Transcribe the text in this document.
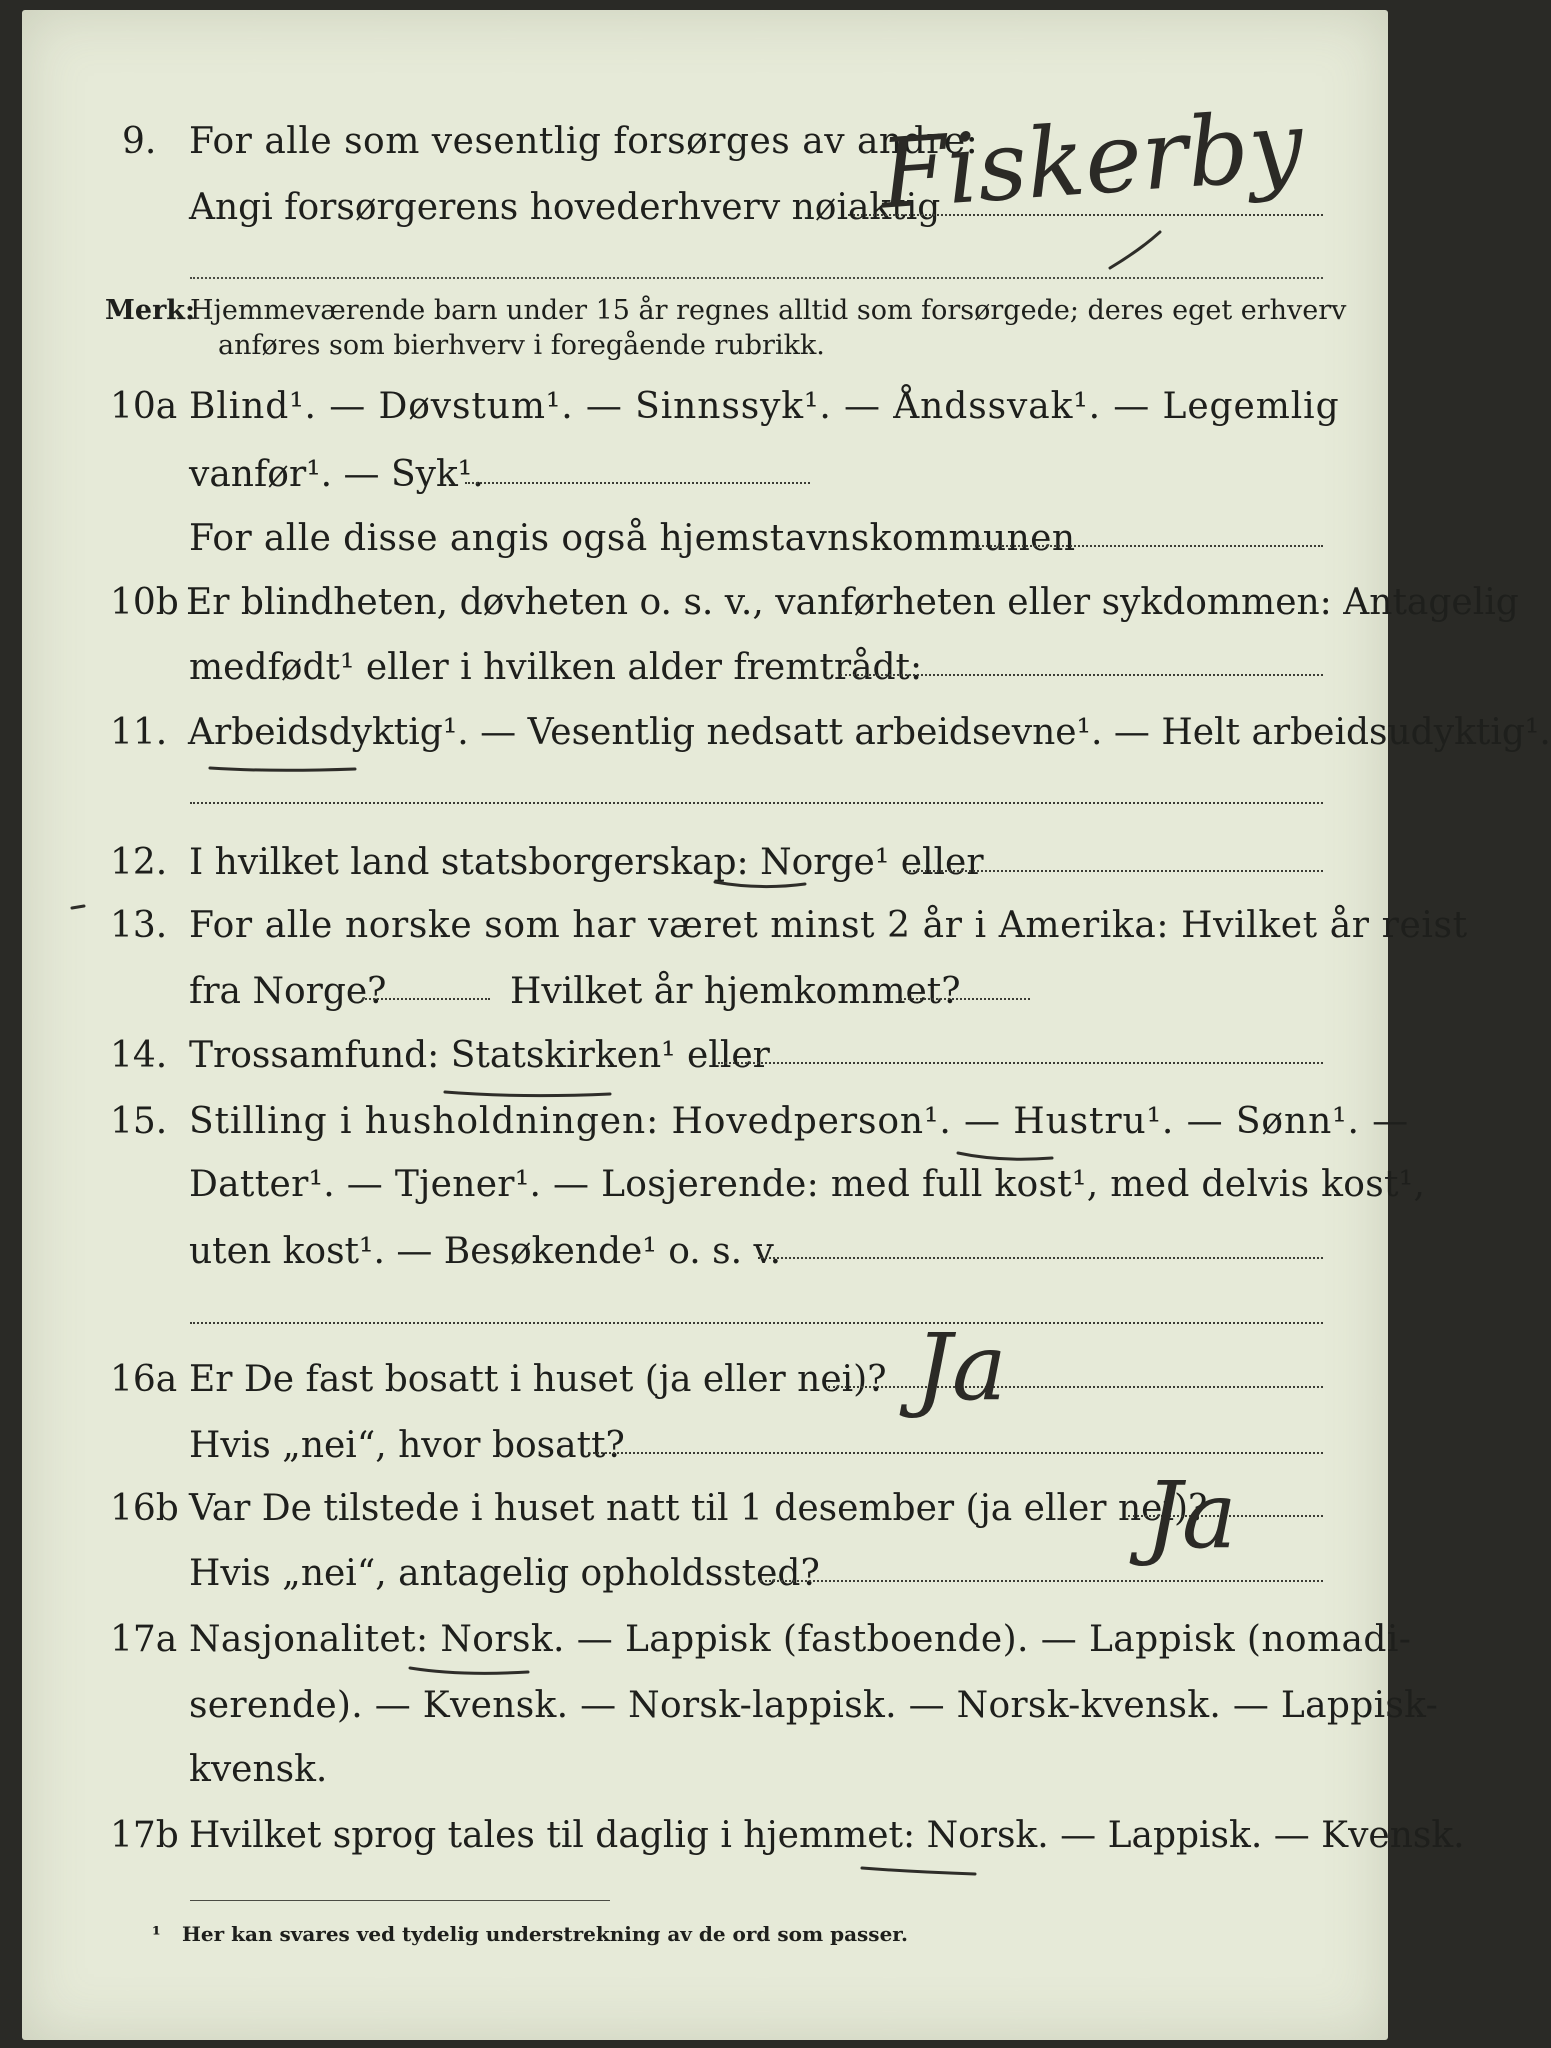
9. For alle som vesentlig forsørges av andre:
Angi forsørgerens hovederhverv nøiaktig
Fiskerby
Merk:
Hjemmeværende barn under 15 år regnes alltid som forsørgede; deres eget erhverv
anføres som bierhverv i foregående rubrikk.
10a Blind¹. — Døvstum¹. — Sinnssyk¹. — Åndssvak¹. — Legemlig
vanfør¹. — Syk¹.
For alle disse angis også hjemstavnskommunen
10b Er blindheten, døvheten o. s. v., vanførheten eller sykdommen: Antagelig
medfødt¹ eller i hvilken alder fremtrådt:
11. Arbeidsdyktig¹. — Vesentlig nedsatt arbeidsevne¹. — Helt arbeidsudyktig¹.
12. I hvilket land statsborgerskap: Norge¹ eller
13. For alle norske som har været minst 2 år i Amerika: Hvilket år reist
fra Norge?	Hvilket år hjemkommet?
14. Trossamfund: Statskirken¹ eller
15. Stilling i husholdningen: Hovedperson¹. — Hustru¹. — Sønn¹. —
Datter¹. — Tjener¹. — Losjerende: med full kost¹, med delvis kost¹,
uten kost¹. — Besøkende¹ o. s. v.
16a Er De fast bosatt i huset (ja eller nei)? Ja
Hvis „nei“, hvor bosatt?
16b Var De tilstede i huset natt til 1 desember (ja eller nei)?
Ja
Hvis „nei“, antagelig opholdssted?
17a Nasjonalitet: Norsk. — Lappisk (fastboende). — Lappisk (nomadi-
serende). — Kvensk. — Norsk-lappisk. — Norsk-kvensk. — Lappisk-
kvensk.
17b Hvilket sprog tales til daglig i hjemmet: Norsk. — Lappisk. — Kvensk.
¹ Her kan svares ved tydelig understrekning av de ord som passer.
